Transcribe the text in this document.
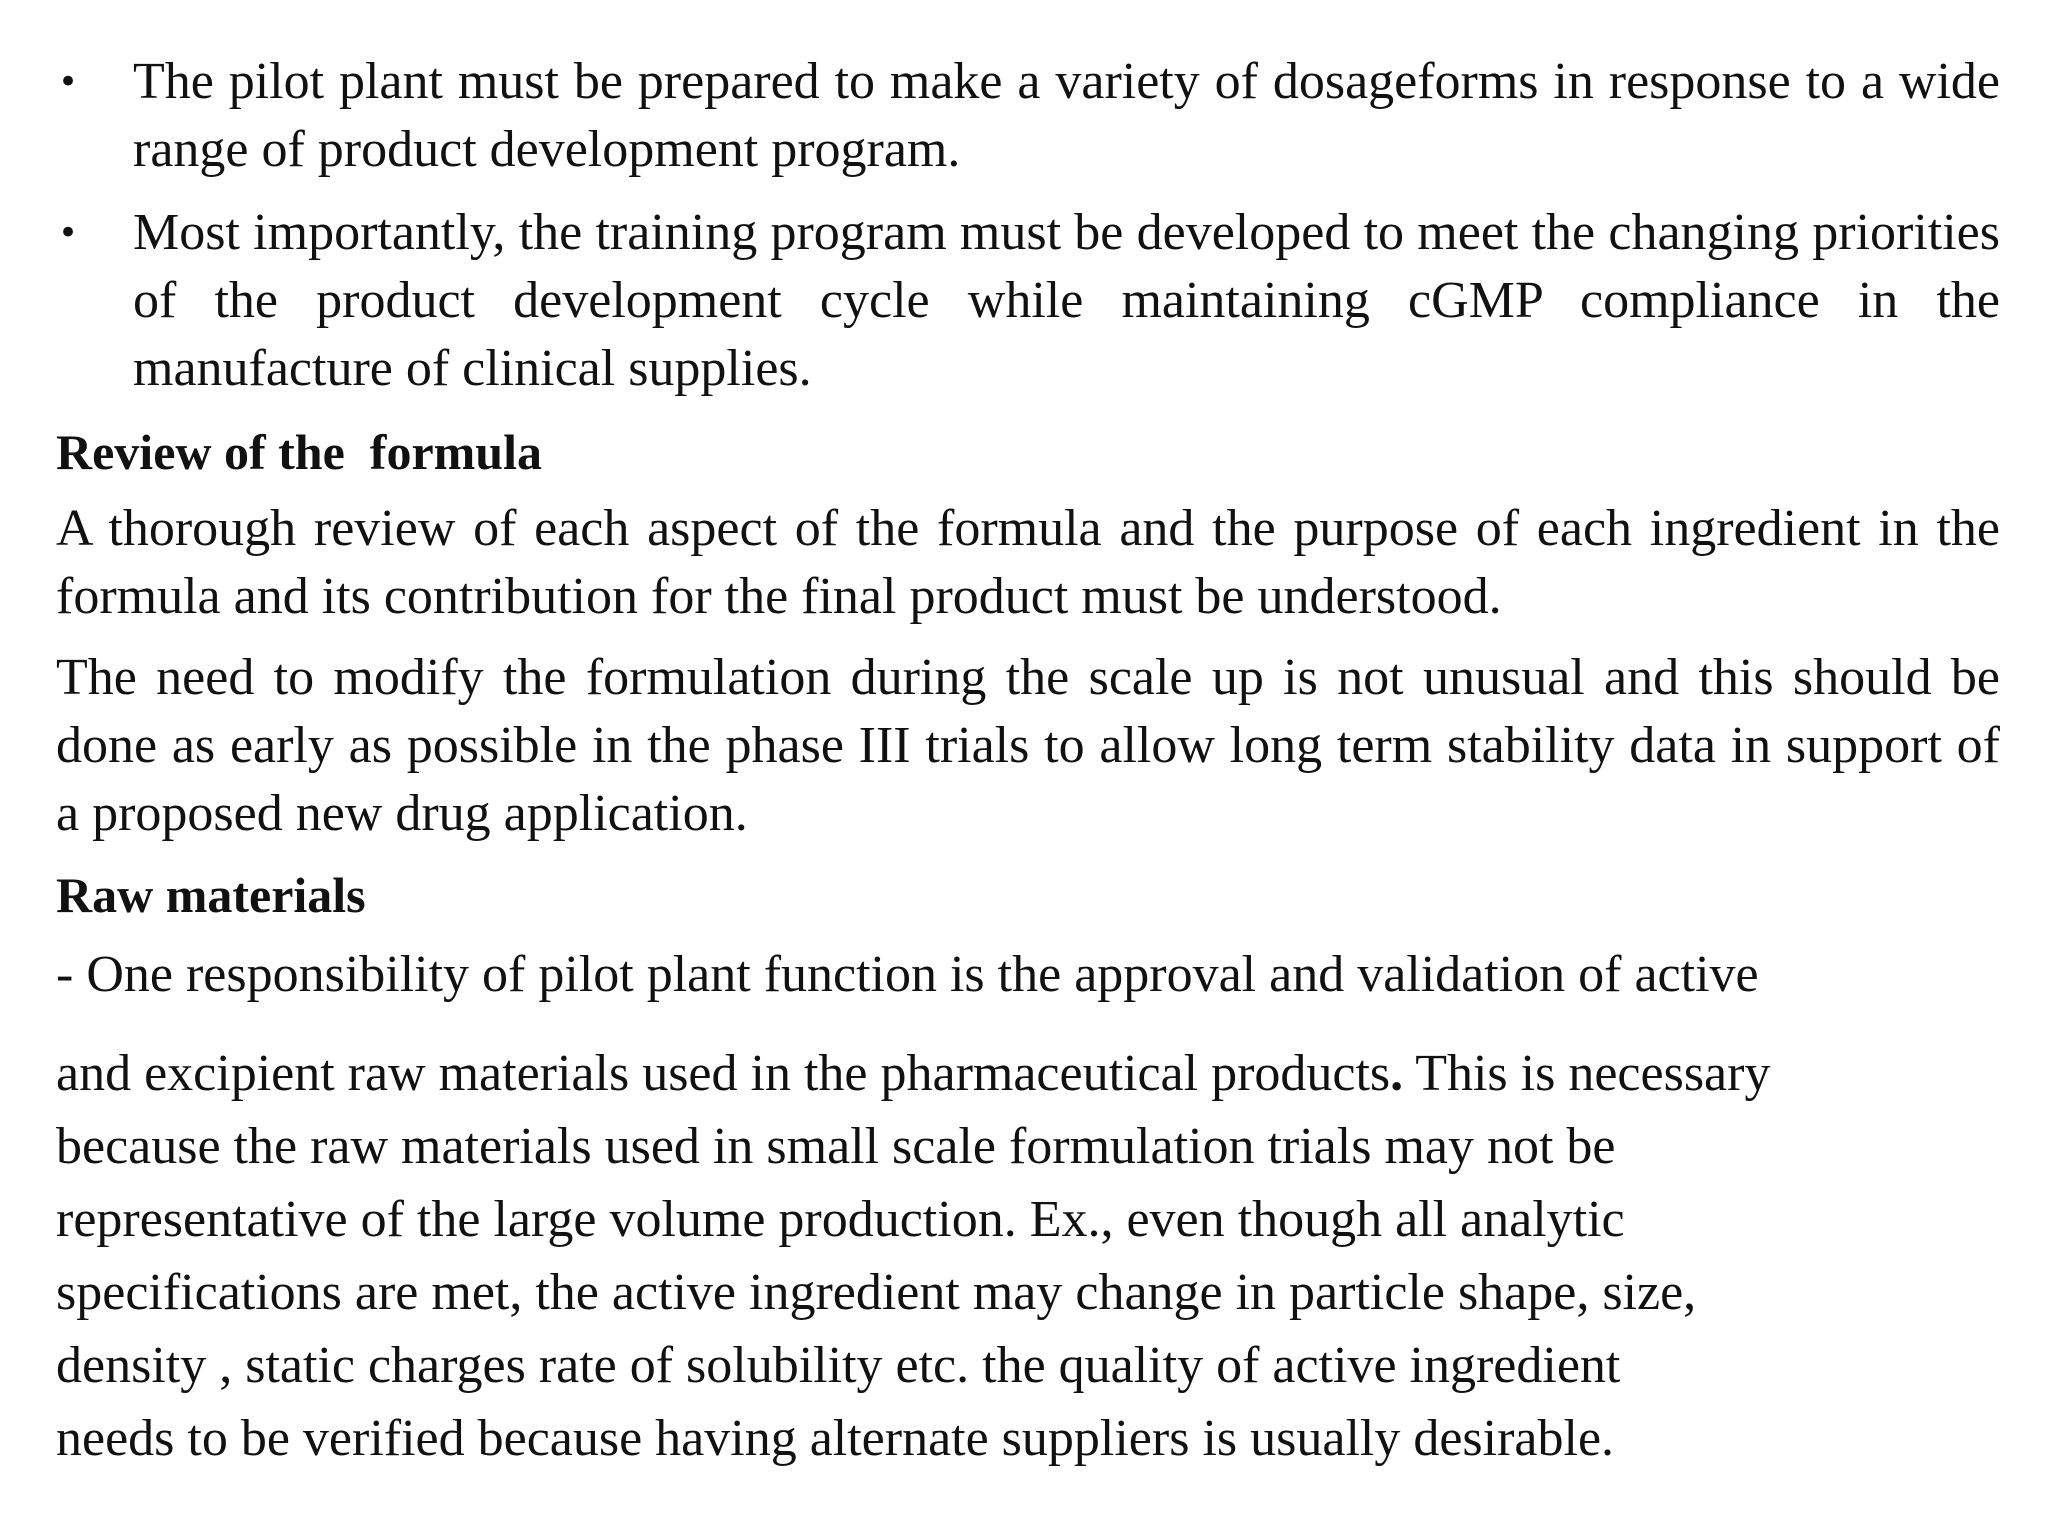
• The pilot plant must be prepared to make a variety of dosageforms in response to a wide range of product development program.
• Most importantly, the training program must be developed to meet the changing priorities of the product development cycle while maintaining cGMP compliance in the manufacture of clinical supplies.
Review of the  formula

A thorough review of each aspect of the formula and the purpose of each ingredient in the formula and its contribution for the final product must be understood.

The need to modify the formulation during the scale up is not unusual and this should be done as early as possible in the phase III trials to allow long term stability data in support of a proposed new drug application.

Raw materials
- One responsibility of pilot plant function is the approval and validation of active
and excipient raw materials used in the pharmaceutical products. This is necessary
because the raw materials used in small scale formulation trials may not be
representative of the large volume production. Ex., even though all analytic
specifications are met, the active ingredient may change in particle shape, size,
density , static charges rate of solubility etc. the quality of active ingredient
needs to be verified because having alternate suppliers is usually desirable.
